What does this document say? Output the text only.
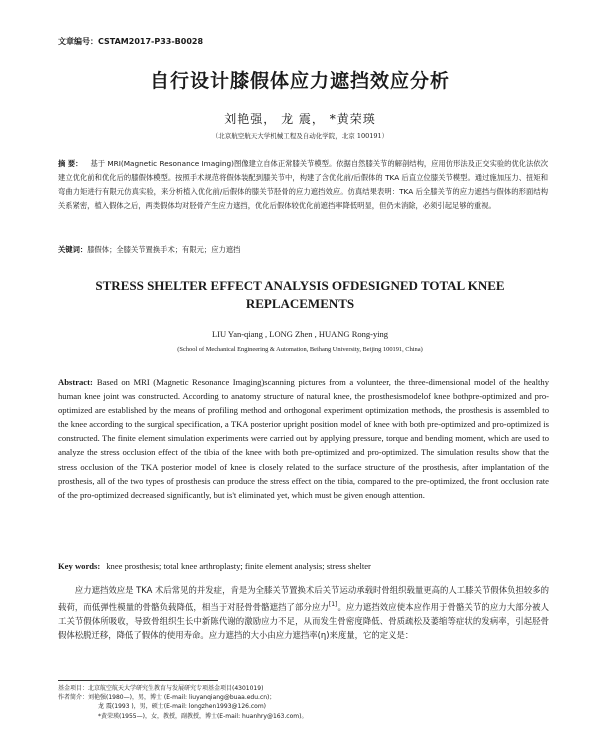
文章编号：CSTAM2017-P33-B0028
自行设计膝假体应力遮挡效应分析
刘艳强， 龙 震， *黄荣瑛
（北京航空航天大学机械工程及自动化学院，北京 100191）
摘 要： 基于 MRI(Magnetic Resonance Imaging)图像建立自体正常膝关节模型。依据自然膝关节的解剖结构，应用仿形法及正交实验的优化法依次建立优化前和优化后的膝假体模型。按照手术规范将假体装配到膝关节中，构建了含优化前/后假体的 TKA 后直立位膝关节模型。通过施加压力、扭矩和弯曲力矩进行有限元仿真实验，来分析植入优化前/后假体的膝关节胫骨的应力遮挡效应。仿真结果表明：TKA 后全膝关节的应力遮挡与假体的形面结构关系紧密，植入假体之后，两类假体均对胫骨产生应力遮挡，优化后假体较优化前遮挡率降低明显，但仍未消除，必须引起足够的重视。
关键词：膝假体；全膝关节置换手术；有限元；应力遮挡
STRESS SHELTER EFFECT ANALYSIS OFDESIGNED TOTAL KNEE REPLACEMENTS
LIU Yan-qiang , LONG Zhen , HUANG Rong-ying
(School of Mechanical Engineering & Automation, Beihang University, Beijing 100191, China)
Abstract: Based on MRI (Magnetic Resonance Imaging)scanning pictures from a volunteer, the three-dimensional model of the healthy human knee joint was constructed. According to anatomy structure of natural knee, the prosthesismodelof knee bothpre-optimized and pro-optimized are established by the means of profiling method and orthogonal experiment optimization methods, the prosthesis is assembled to the knee according to the surgical specification, a TKA posterior upright position model of knee with both pre-optimized and pro-optimized is constructed. The finite element simulation experiments were carried out by applying pressure, torque and bending moment, which are used to analyze the stress occlusion effect of the tibia of the knee with both pre-optimized and pro-optimized. The simulation results show that the stress occlusion of the TKA posterior model of knee is closely related to the surface structure of the prosthesis, after implantation of the prosthesis, all of the two types of prosthesis can produce the stress effect on the tibia, compared to the pre-optimized, the front occlusion rate of the pro-optimized decreased significantly, but is't eliminated yet, which must be given enough attention.
Key words: knee prosthesis; total knee arthroplasty; finite element analysis; stress shelter
应力遮挡效应是 TKA 术后常见的并发症，肯是为全膝关节置换术后关节运动承载时骨组织载量更高的人工膝关节假体负担较多的载荷，而低弹性模量的骨骼负载降低，相当于对胫骨骨骼遮挡了部分应力[1]。应力遮挡效应使本应作用于骨骼关节的应力大部分被人工关节假体所吸收，导致骨组织生长中新陈代谢的激励应力不足，从而发生骨密度降低、骨质疏松及萎缩等症状的发病率，引起胫骨假体松脱迁移，降低了假体的使用寿命。应力遮挡的大小由应力遮挡率(η)来度量，它的定义是：
基金项目：北京航空航天大学研究生教育与发展研究专项基金项目(4301019)
作者简介：刘艳强(1980—)，男，博士 (E-mail: liuyanqiang@buaa.edu.cn)；
龙 震(1993 )，男，硕士(E-mail: longzhen1993@126.com)
*黄荣瑛(1955—)，女，教授，副教授，博士(E-mail: huanhry@163.com)。
